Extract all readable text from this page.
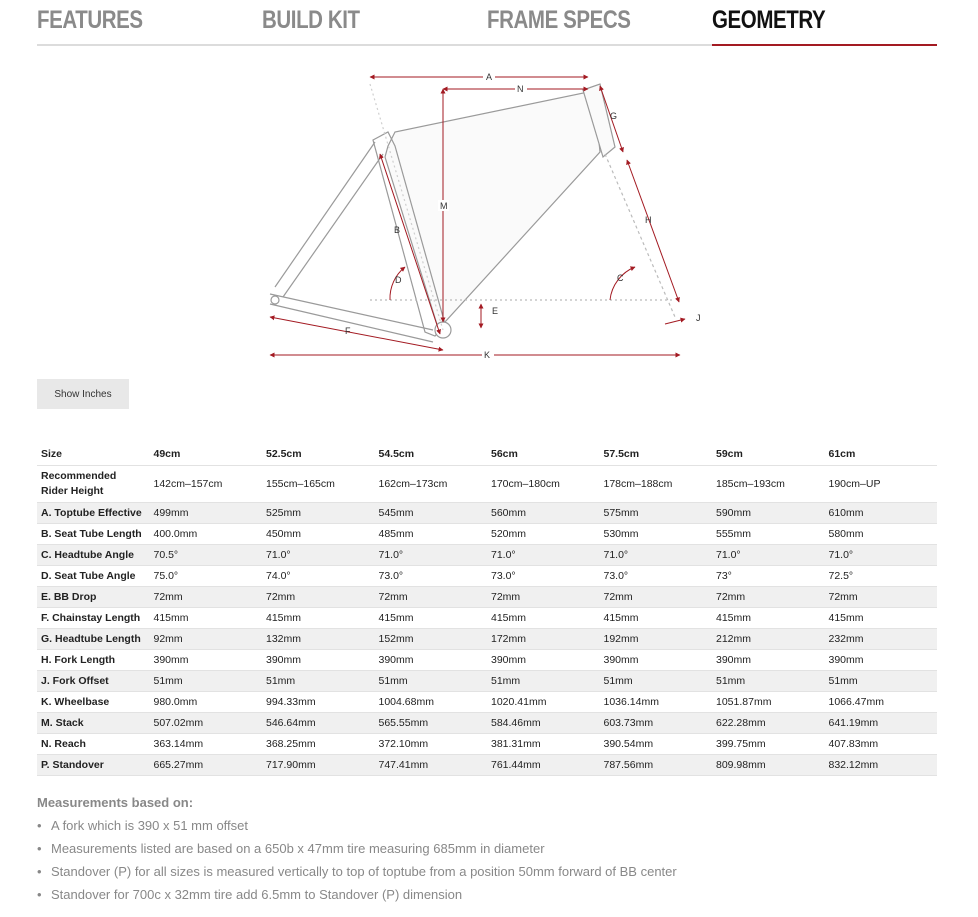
FEATURES	BUILD KIT	FRAME SPECS	GEOMETRY
A
N
G
M
B
H
D	C
E
F
J
K
Show Inches
Size	49cm	52.5cm	54.5cm	56cm	57.5cm	59cm	61cm
Recommended Rider Height	142cm–157cm	155cm–165cm	162cm–173cm	170cm–180cm	178cm–188cm	185cm–193cm	190cm–UP
A. Toptube Effective	499mm	525mm	545mm	560mm	575mm	590mm	610mm
B. Seat Tube Length	400.0mm	450mm	485mm	520mm	530mm	555mm	580mm
C. Headtube Angle	70.5°	71.0°	71.0°	71.0°	71.0°	71.0°	71.0°
D. Seat Tube Angle	75.0°	74.0°	73.0°	73.0°	73.0°	73°	72.5°
E. BB Drop	72mm	72mm	72mm	72mm	72mm	72mm	72mm
F. Chainstay Length	415mm	415mm	415mm	415mm	415mm	415mm	415mm
G. Headtube Length	92mm	132mm	152mm	172mm	192mm	212mm	232mm
H. Fork Length	390mm	390mm	390mm	390mm	390mm	390mm	390mm
J. Fork Offset	51mm	51mm	51mm	51mm	51mm	51mm	51mm
K. Wheelbase	980.0mm	994.33mm	1004.68mm	1020.41mm	1036.14mm	1051.87mm	1066.47mm
M. Stack	507.02mm	546.64mm	565.55mm	584.46mm	603.73mm	622.28mm	641.19mm
N. Reach	363.14mm	368.25mm	372.10mm	381.31mm	390.54mm	399.75mm	407.83mm
P. Standover	665.27mm	717.90mm	747.41mm	761.44mm	787.56mm	809.98mm	832.12mm
Measurements based on:
• A fork which is 390 x 51 mm offset
• Measurements listed are based on a 650b x 47mm tire measuring 685mm in diameter
• Standover (P) for all sizes is measured vertically to top of toptube from a position 50mm forward of BB center
• Standover for 700c x 32mm tire add 6.5mm to Standover (P) dimension
